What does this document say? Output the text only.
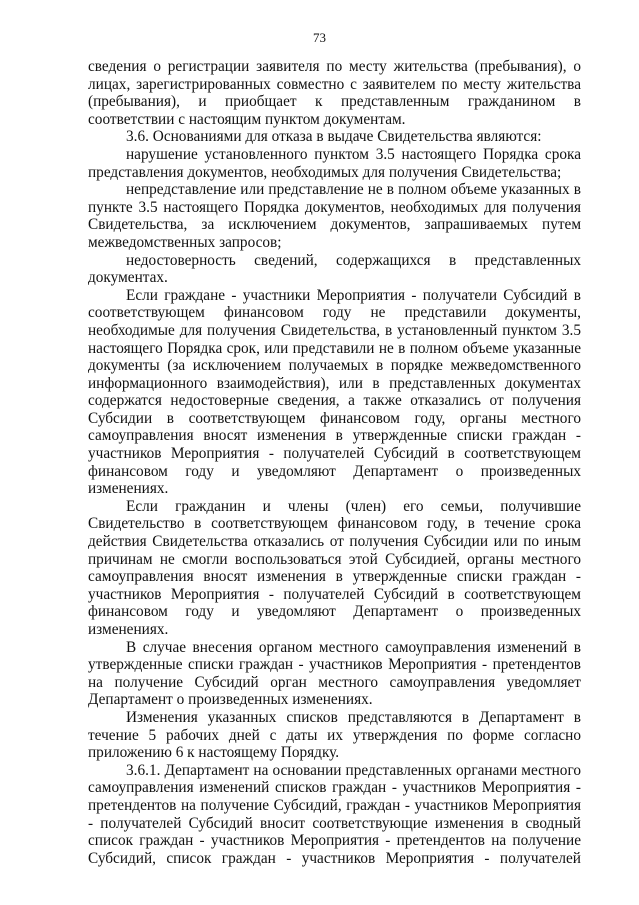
73

сведения о регистрации заявителя по месту жительства (пребывания), о лицах, зарегистрированных совместно с заявителем по месту жительства (пребывания), и приобщает к представленным гражданином в соответствии с настоящим пунктом документам.

3.6. Основаниями для отказа в выдаче Свидетельства являются:

нарушение установленного пунктом 3.5 настоящего Порядка срока представления документов, необходимых для получения Свидетельства;

непредставление или представление не в полном объеме указанных в пункте 3.5 настоящего Порядка документов, необходимых для получения Свидетельства, за исключением документов, запрашиваемых путем межведомственных запросов;

недостоверность сведений, содержащихся в представленных документах.

Если граждане - участники Мероприятия - получатели Субсидий в соответствующем финансовом году не представили документы, необходимые для получения Свидетельства, в установленный пунктом 3.5 настоящего Порядка срок, или представили не в полном объеме указанные документы (за исключением получаемых в порядке межведомственного информационного взаимодействия), или в представленных документах содержатся недостоверные сведения, а также отказались от получения Субсидии в соответствующем финансовом году, органы местного самоуправления вносят изменения в утвержденные списки граждан - участников Мероприятия - получателей Субсидий в соответствующем финансовом году и уведомляют Департамент о произведенных изменениях.

Если гражданин и члены (член) его семьи, получившие Свидетельство в соответствующем финансовом году, в течение срока действия Свидетельства отказались от получения Субсидии или по иным причинам не смогли воспользоваться этой Субсидией, органы местного самоуправления вносят изменения в утвержденные списки граждан - участников Мероприятия - получателей Субсидий в соответствующем финансовом году и уведомляют Департамент о произведенных изменениях.

В случае внесения органом местного самоуправления изменений в утвержденные списки граждан - участников Мероприятия - претендентов на получение Субсидий орган местного самоуправления уведомляет Департамент о произведенных изменениях.

Изменения указанных списков представляются в Департамент в течение 5 рабочих дней с даты их утверждения по форме согласно приложению 6 к настоящему Порядку.

3.6.1. Департамент на основании представленных органами местного самоуправления изменений списков граждан - участников Мероприятия - претендентов на получение Субсидий, граждан - участников Мероприятия - получателей Субсидий вносит соответствующие изменения в сводный список граждан - участников Мероприятия - претендентов на получение Субсидий, список граждан - участников Мероприятия - получателей
